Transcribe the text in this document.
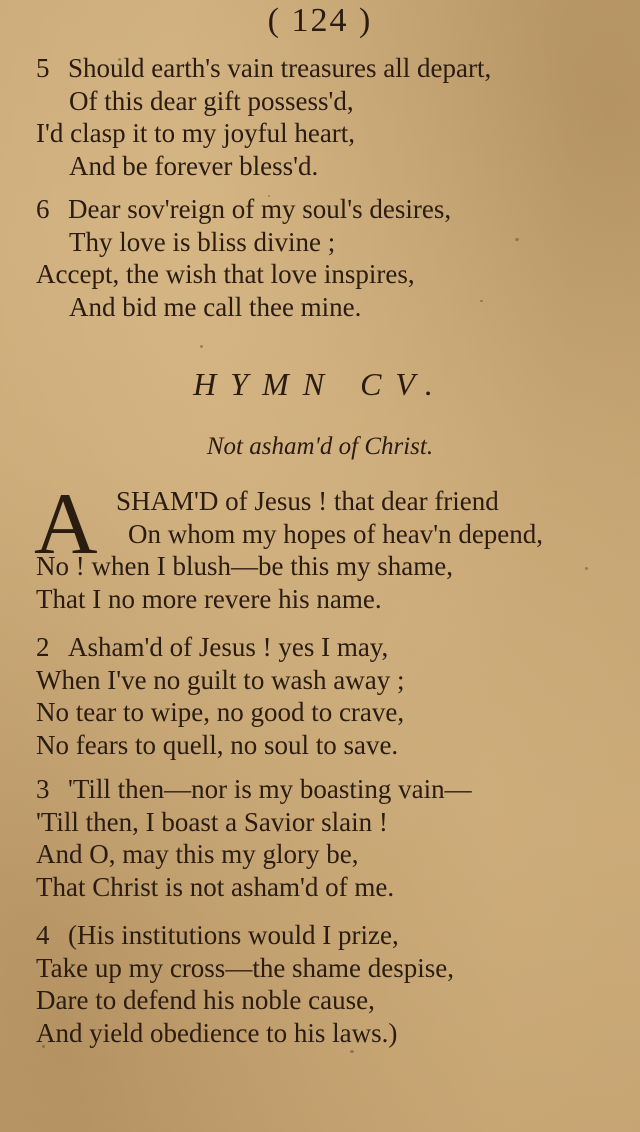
( 124 )
5 Should earth's vain treasures all depart,
Of this dear gift possess'd,
I'd clasp it to my joyful heart,
And be forever bless'd.
6 Dear sov'reign of my soul's desires,
Thy love is bliss divine ;
Accept, the wish that love inspires,
And bid me call thee mine.
HYMN CV.
Not asham'd of Christ.
A SHAM'D of Jesus ! that dear friend
On whom my hopes of heav'n depend,
No ! when I blush—be this my shame,
That I no more revere his name.
2 Asham'd of Jesus ! yes I may,
When I've no guilt to wash away ;
No tear to wipe, no good to crave,
No fears to quell, no soul to save.
3 'Till then—nor is my boasting vain—
'Till then, I boast a Savior slain !
And O, may this my glory be,
That Christ is not asham'd of me.
4 (His institutions would I prize,
Take up my cross—the shame despise,
Dare to defend his noble cause,
And yield obedience to his laws.)
